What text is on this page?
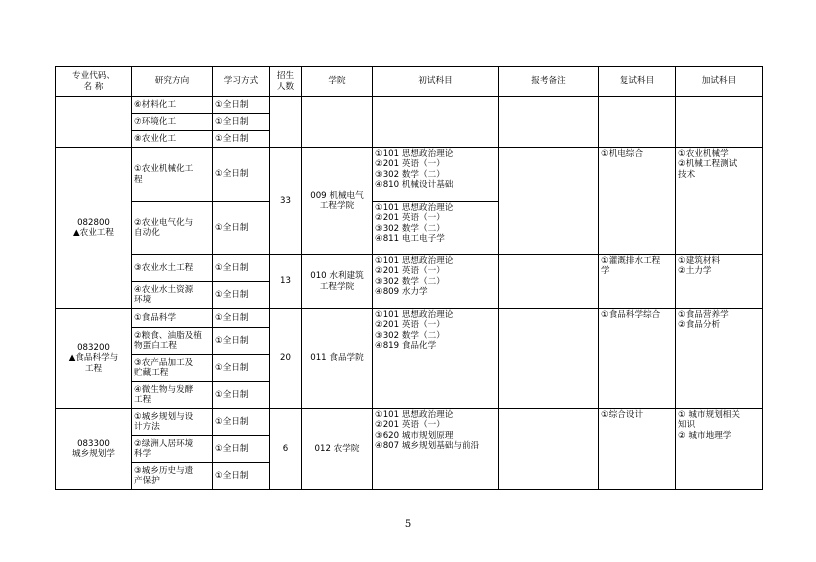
专业代码、
名 称	研究方向	学习方式	招生
人数	学院	初试科目	报考备注	复试科目	加试科目
	⑥材料化工	①全日制						
	⑦环境化工	①全日制						
	⑧农业化工	①全日制						

082800
▲农业工程	①农业机械化工
程	①全日制	33	009 机械电气
工程学院	①101 思想政治理论
②201 英语（一）
③302 数学（二）
④810 机械设计基础		①机电综合	①农业机械学
②机械工程测试
技术

	②农业电气化与
自动化	①全日制			①101 思想政治理论
②201 英语（一）
③302 数学（二）
④811 电工电子学			

	③农业水土工程	①全日制	13	010 水利建筑
工程学院	①101 思想政治理论
②201 英语（一）
③302 数学（二）
④809 水力学		①灌溉排水工程
学	①建筑材料
②土力学

	④农业水土资源
环境	①全日制						

083200
▲食品科学与
工程	①食品科学	①全日制	20	011 食品学院	①101 思想政治理论
②201 英语（一）
③302 数学（二）
④819 食品化学		①食品科学综合	①食品营养学
②食品分析

	②粮食、油脂及植
物蛋白工程	①全日制						

	③农产品加工及
贮藏工程	①全日制						

	④微生物与发酵
工程	①全日制						

083300
城乡规划学	①城乡规划与设
计方法	①全日制	6	012 农学院	①101 思想政治理论
②201 英语（一）
③620 城市规划原理
④807 城乡规划基础与前沿		①综合设计	① 城市规划相关
知识
② 城市地理学

	②绿洲人居环境
科学	①全日制						

	③城乡历史与遗
产保护	①全日制						
5
